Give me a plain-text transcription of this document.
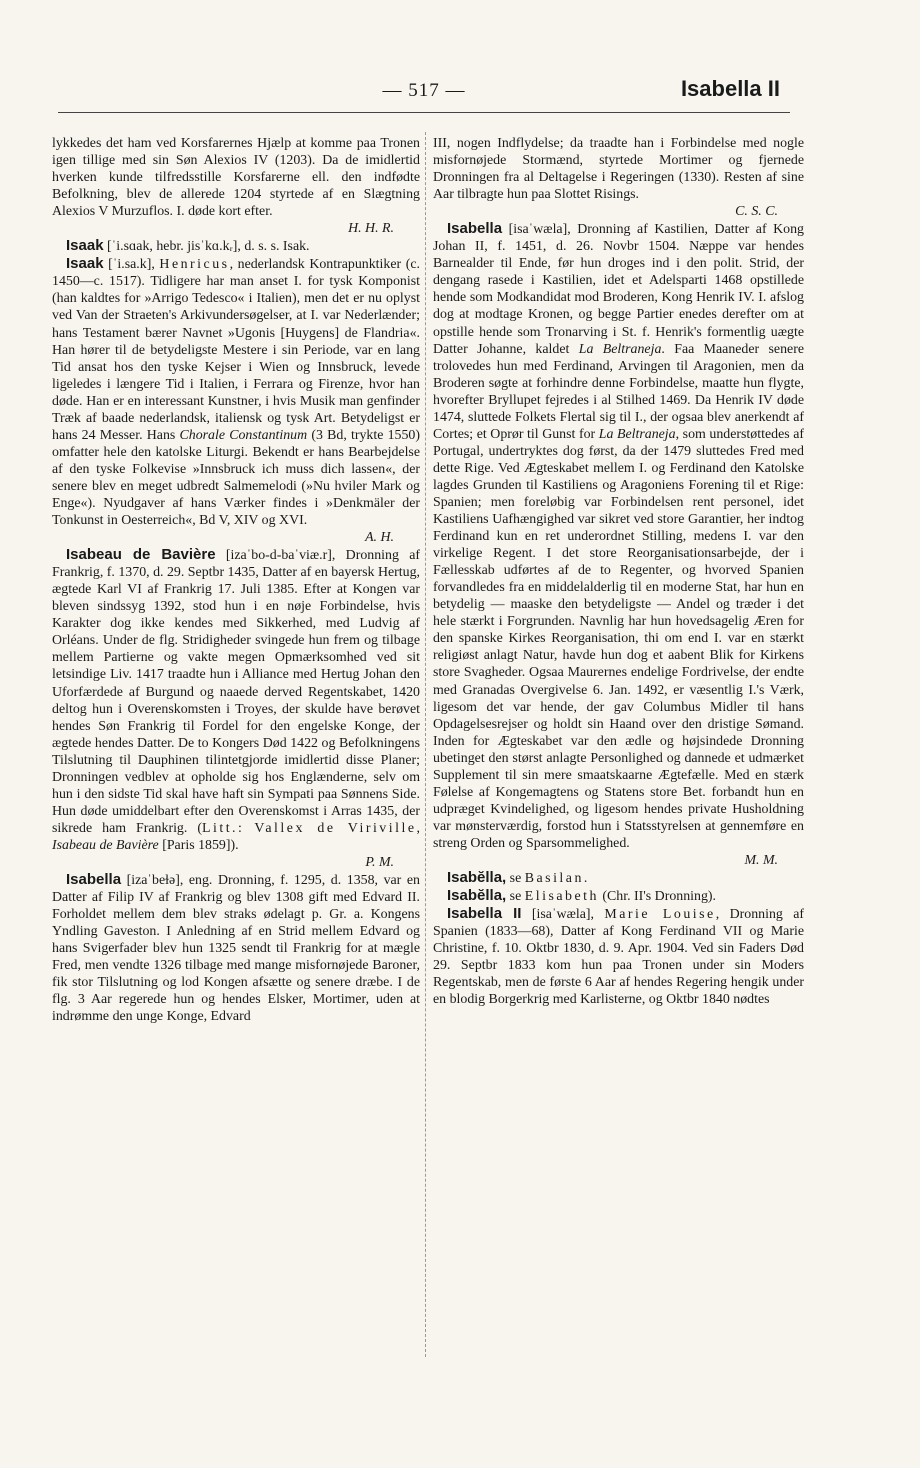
— 517 —	Isabella II

lykkedes det ham ved Korsfarernes Hjælp at komme paa Tronen igen tillige med sin Søn Alexios IV (1203). Da de imidlertid hverken kunde tilfredsstille Korsfarerne ell. den indfødte Befolkning, blev de allerede 1204 styrtede af en Slægtning Alexios V Murzuflos. I. døde kort efter.
H. H. R.

Isaak [ˈi.sɑak, hebr. jisˈkɑ.kᵣ], d. s. s. Isak.

Isaak [ˈi.sa.k], Henricus, nederlandsk Kontrapunktiker (c. 1450—c. 1517). Tidligere har man anset I. for tysk Komponist (han kaldtes for »Arrigo Tedesco« i Italien), men det er nu oplyst ved Van der Straeten's Arkivundersøgelser, at I. var Nederlænder; hans Testament bærer Navnet »Ugonis [Huygens] de Flandria«. Han hører til de betydeligste Mestere i sin Periode, var en lang Tid ansat hos den tyske Kejser i Wien og Innsbruck, levede ligeledes i længere Tid i Italien, i Ferrara og Firenze, hvor han døde. Han er en interessant Kunstner, i hvis Musik man genfinder Træk af baade nederlandsk, italiensk og tysk Art. Betydeligst er hans 24 Messer. Hans Chorale Constantinum (3 Bd, trykte 1550) omfatter hele den katolske Liturgi. Bekendt er hans Bearbejdelse af den tyske Folkevise »Innsbruck ich muss dich lassen«, der senere blev en meget udbredt Salmemelodi (»Nu hviler Mark og Enge«). Nyudgaver af hans Værker findes i »Denkmäler der Tonkunst in Oesterreich«, Bd V, XIV og XVI.
A. H.

Isabeau de Bavière [izaˈbo-d-baˈviæ.r], Dronning af Frankrig, f. 1370, d. 29. Septbr 1435, Datter af en bayersk Hertug, ægtede Karl VI af Frankrig 17. Juli 1385. Efter at Kongen var bleven sindssyg 1392, stod hun i en nøje Forbindelse, hvis Karakter dog ikke kendes med Sikkerhed, med Ludvig af Orléans. Under de flg. Stridigheder svingede hun frem og tilbage mellem Partierne og vakte megen Opmærksomhed ved sit letsindige Liv. 1417 traadte hun i Alliance med Hertug Johan den Uforfærdede af Burgund og naaede derved Regentskabet, 1420 deltog hun i Overenskomsten i Troyes, der skulde have berøvet hendes Søn Frankrig til Fordel for den engelske Konge, der ægtede hendes Datter. De to Kongers Død 1422 og Befolkningens Tilslutning til Dauphinen tilintetgjorde imidlertid disse Planer; Dronningen vedblev at opholde sig hos Englænderne, selv om hun i den sidste Tid skal have haft sin Sympati paa Sønnens Side. Hun døde umiddelbart efter den Overenskomst i Arras 1435, der sikrede ham Frankrig. (Litt.: Vallex de Viriville, Isabeau de Bavière [Paris 1859]).
P. M.

Isabella [izaˈbeɫə], eng. Dronning, f. 1295, d. 1358, var en Datter af Filip IV af Frankrig og blev 1308 gift med Edvard II. Forholdet mellem dem blev straks ødelagt p. Gr. a. Kongens Yndling Gaveston. I Anledning af en Strid mellem Edvard og hans Svigerfader blev hun 1325 sendt til Frankrig for at mægle Fred, men vendte 1326 tilbage med mange misfornøjede Baroner, fik stor Tilslutning og lod Kongen afsætte og senere dræbe. I de flg. 3 Aar regerede hun og hendes Elsker, Mortimer, uden at indrømme den unge Konge, Edvard

III, nogen Indflydelse; da traadte han i Forbindelse med nogle misfornøjede Stormænd, styrtede Mortimer og fjernede Dronningen fra al Deltagelse i Regeringen (1330). Resten af sine Aar tilbragte hun paa Slottet Risings.
C. S. C.

Isabella [isaˈwæla], Dronning af Kastilien, Datter af Kong Johan II, f. 1451, d. 26. Novbr 1504. Næppe var hendes Barnealder til Ende, før hun droges ind i den polit. Strid, der dengang rasede i Kastilien, idet et Adelsparti 1468 opstillede hende som Modkandidat mod Broderen, Kong Henrik IV. I. afslog dog at modtage Kronen, og begge Partier enedes derefter om at opstille hende som Tronarving i St. f. Henrik's formentlig uægte Datter Johanne, kaldet La Beltraneja. Faa Maaneder senere trolovedes hun med Ferdinand, Arvingen til Aragonien, men da Broderen søgte at forhindre denne Forbindelse, maatte hun flygte, hvorefter Bryllupet fejredes i al Stilhed 1469. Da Henrik IV døde 1474, sluttede Folkets Flertal sig til I., der ogsaa blev anerkendt af Cortes; et Oprør til Gunst for La Beltraneja, som understøttedes af Portugal, undertryktes dog først, da der 1479 sluttedes Fred med dette Rige. Ved Ægteskabet mellem I. og Ferdinand den Katolske lagdes Grunden til Kastiliens og Aragoniens Forening til et Rige: Spanien; men foreløbig var Forbindelsen rent personel, idet Kastiliens Uafhængighed var sikret ved store Garantier, her indtog Ferdinand kun en ret underordnet Stilling, medens I. var den virkelige Regent. I det store Reorganisationsarbejde, der i Fællesskab udførtes af de to Regenter, og hvorved Spanien forvandledes fra en middelalderlig til en moderne Stat, har hun en betydelig — maaske den betydeligste — Andel og træder i det hele stærkt i Forgrunden. Navnlig har hun hovedsagelig Æren for den spanske Kirkes Reorganisation, thi om end I. var en stærkt religiøst anlagt Natur, havde hun dog et aabent Blik for Kirkens store Svagheder. Ogsaa Maurernes endelige Fordrivelse, der endte med Granadas Overgivelse 6. Jan. 1492, er væsentlig I.'s Værk, ligesom det var hende, der gav Columbus Midler til hans Opdagelsesrejser og holdt sin Haand over den dristige Sømand. Inden for Ægteskabet var den ædle og højsindede Dronning ubetinget den størst anlagte Personlighed og dannede et udmærket Supplement til sin mere smaatskaarne Ægtefælle. Med en stærk Følelse af Kongemagtens og Statens store Bet. forbandt hun en udpræget Kvindelighed, og ligesom hendes private Husholdning var mønsterværdig, forstod hun i Statsstyrelsen at gennemføre en streng Orden og Sparsommelighed.
M. M.

Isabĕlla, se Basilan.

Isabĕlla, se Elisabeth (Chr. II's Dronning).

Isabella II [isaˈwæla], Marie Louise, Dronning af Spanien (1833—68), Datter af Kong Ferdinand VII og Marie Christine, f. 10. Oktbr 1830, d. 9. Apr. 1904. Ved sin Faders Død 29. Septbr 1833 kom hun paa Tronen under sin Moders Regentskab, men de første 6 Aar af hendes Regering hengik under en blodig Borgerkrig med Karlisterne, og Oktbr 1840 nødtes
